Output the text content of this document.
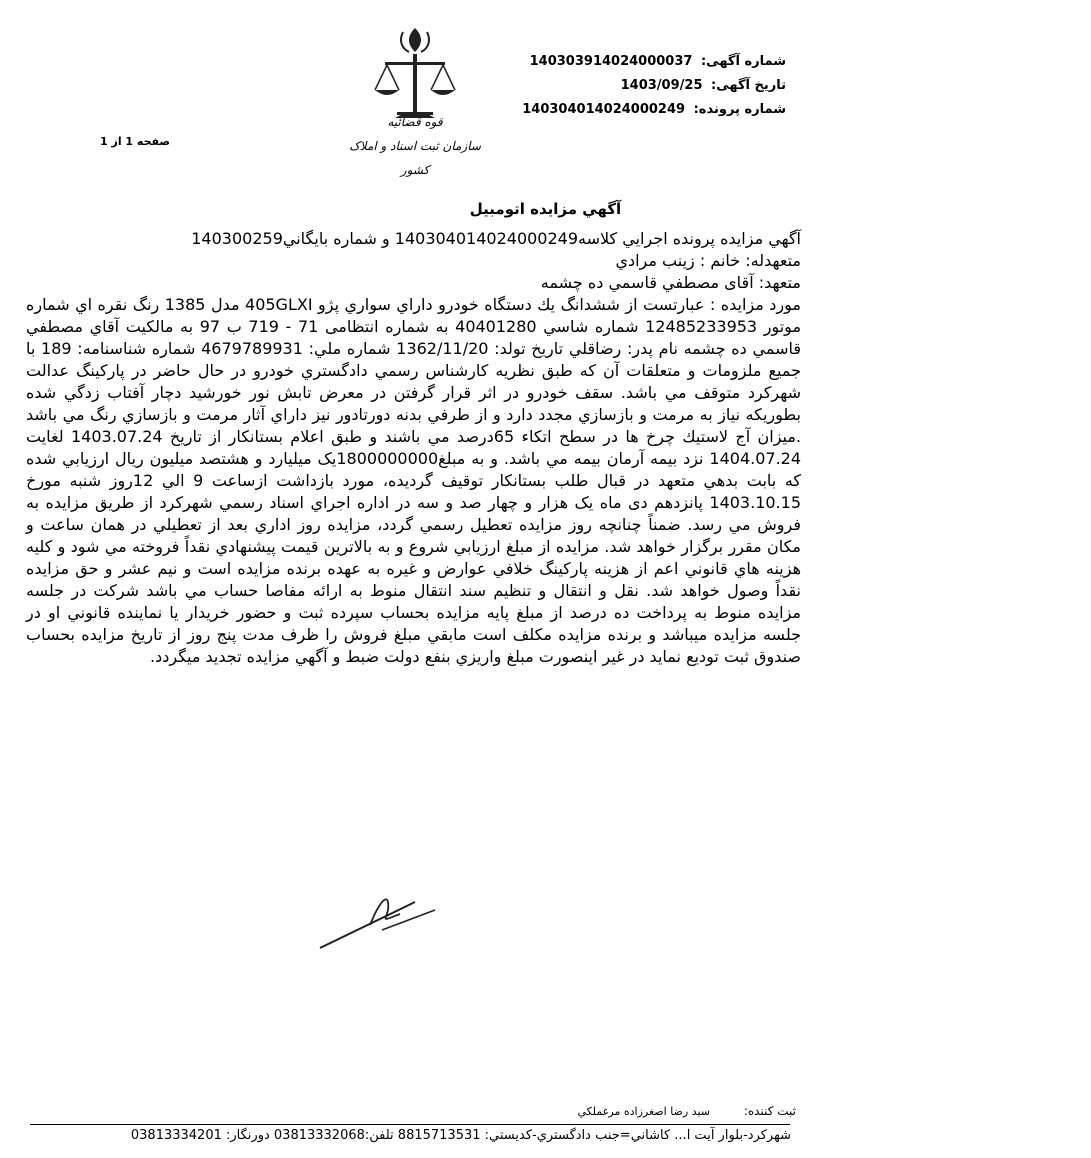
شماره آگهی: 140303914024000037
تاريخ آگهی: 1403/09/25
شماره پرونده: 140304014024000249
قوه قضائیه
سازمان ثبت اسناد و املاک کشور
صفحه 1 از 1
آگهي مزايده اتومبيل

آگهي مزايده پرونده اجرايي كلاسه140304014024000249 و شماره بايگاني140300259

متعهدله: خانم : زينب مرادي

متعهد: آقای مصطفي قاسمي ده چشمه

مورد مزايده : عبارتست از ششدانگ يك دستگاه خودرو داراي سواري پژو 405GLXI مدل 1385 رنگ نقره اي شماره موتور 12485233953 شماره شاسي 40401280 به شماره انتظامی 71 - 719 ب 97 به مالكيت آقاي مصطفي قاسمي ده چشمه نام پدر: رضاقلي تاريخ تولد: 1362/11/20 شماره ملي: 4679789931 شماره شناسنامه: 189 با جميع ملزومات و متعلقات آن كه طبق نظريه كارشناس رسمي دادگستري خودرو در حال حاضر در پاركينگ عدالت شهركرد متوقف مي باشد. سقف خودرو در اثر قرار گرفتن در معرض تابش نور خورشيد دچار آفتاب زدگي شده بطوريكه نياز به مرمت و بازسازي مجدد دارد و از طرفي بدنه دورتادور نيز داراي آثار مرمت و بازسازي رنگ مي باشد .ميزان آج لاستيك چرخ ها در سطح اتكاء 65درصد مي باشند و طبق اعلام بستانكار از تاريخ 1403.07.24 لغايت 1404.07.24 نزد بيمه آرمان بيمه مي باشد. و به مبلغ1800000000يک ميليارد و هشتصد ميليون ريال ارزيابي شده كه بابت بدهي متعهد در قبال طلب بستانكار توقيف گرديده، مورد بازداشت ازساعت 9 الي 12روز شنبه مورخ 1403.10.15 پانزدهم دی ماه يک هزار و چهار صد و سه در اداره اجراي اسناد رسمي شهركرد از طريق مزايده به فروش مي رسد. ضمناً چنانچه روز مزايده تعطيل رسمي گردد، مزايده روز اداري بعد از تعطيلي در همان ساعت و مكان مقرر برگزار خواهد شد. مزايده از مبلغ ارزيابي شروع و به بالاترين قيمت پيشنهادي نقداً فروخته مي شود و كليه هزينه هاي قانوني اعم از هزينه پاركينگ خلافي عوارض و غيره به عهده برنده مزايده است و نيم عشر و حق مزايده نقداً وصول خواهد شد. نقل و انتقال و تنظيم سند انتقال منوط به ارائه مفاصا حساب مي باشد شركت در جلسه مزايده منوط به پرداخت ده درصد از مبلغ پايه مزايده بحساب سپرده ثبت و حضور خريدار يا نماينده قانوني او در جلسه مزايده ميباشد و برنده مزايده مكلف است مابقي مبلغ فروش را ظرف مدت پنج روز از تاريخ مزايده بحساب صندوق ثبت توديع نمايد در غير اينصورت مبلغ واريزي بنفع دولت ضبط و آگهي مزايده تجديد ميگردد.

ثبت کننده: سيد رضا اصغرزاده مرغملکي
شهرکرد-بلوار آيت ا... کاشاني=جنب دادگستري-کديستي: 8815713531 تلفن:03813332068 دورنگار: 03813334201
